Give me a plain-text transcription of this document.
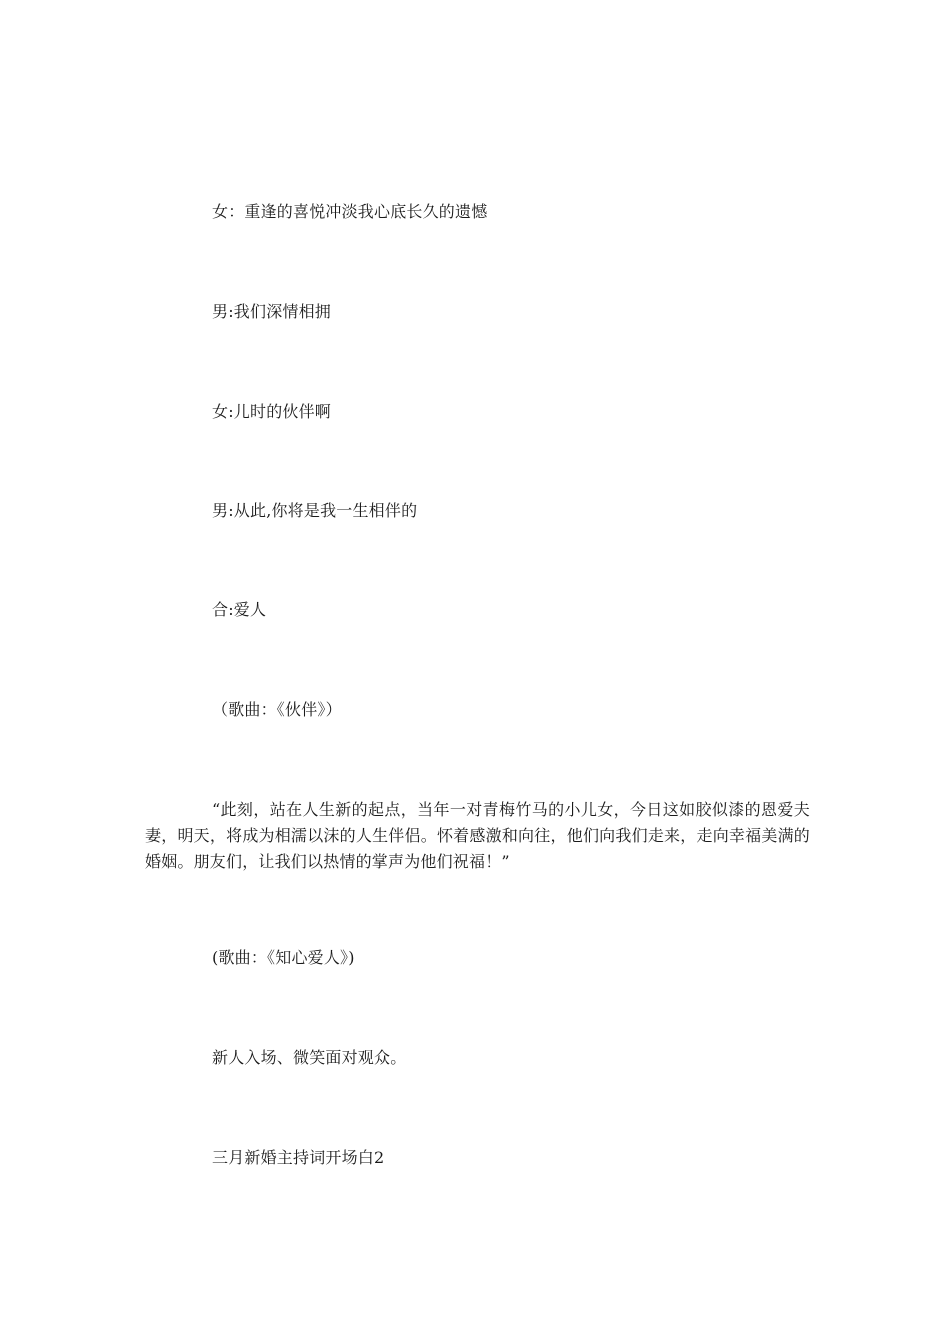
女：重逢的喜悦冲淡我心底长久的遗憾
男:我们深情相拥
女:儿时的伙伴啊
男:从此,你将是我一生相伴的
合:爱人
（歌曲：《伙伴》）

“此刻，站在人生新的起点，当年一对青梅竹马的小儿女，今日这如胶似漆的恩爱夫妻，明天，将成为相濡以沫的人生伴侣。怀着感激和向往，他们向我们走来，走向幸福美满的婚姻。朋友们，让我们以热情的掌声为他们祝福！”

(歌曲：《知心爱人》)
新人入场、微笑面对观众。
三月新婚主持词开场白2
